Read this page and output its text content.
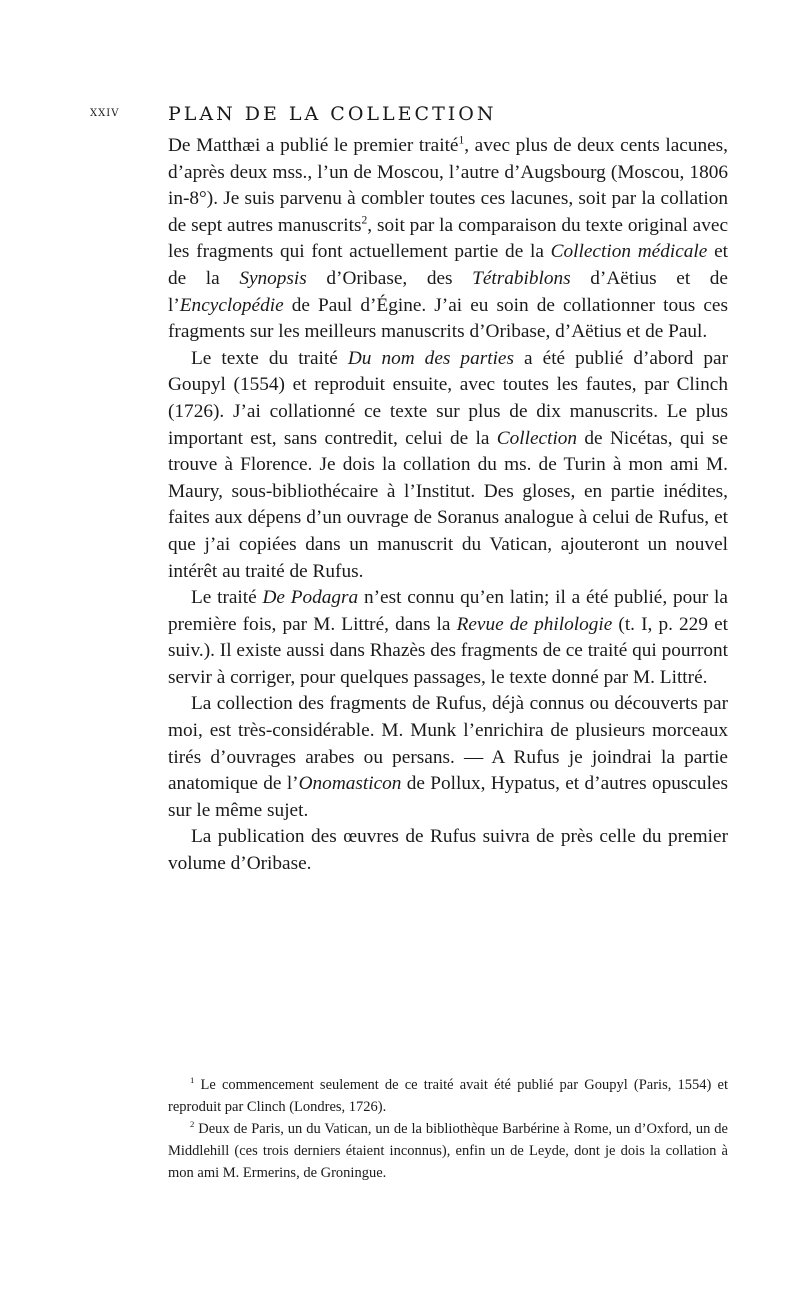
XXIV	PLAN DE LA COLLECTION

De Matthæi a publié le premier traité$^1$, avec plus de deux cents lacunes, d’après deux mss., l’un de Moscou, l’autre d’Augsbourg (Moscou, 1806 in-8°). Je suis parvenu à combler toutes ces lacunes, soit par la collation de sept autres manuscrits$^2$, soit par la comparaison du texte original avec les fragments qui font actuellement partie de la Collection médicale et de la Synopsis d’Oribase, des Tétrabiblons d’Aëtius et de l’Encyclopédie de Paul d’Égine. J’ai eu soin de collationner tous ces fragments sur les meilleurs manuscrits d’Oribase, d’Aëtius et de Paul.

Le texte du traité Du nom des parties a été publié d’abord par Goupyl (1554) et reproduit ensuite, avec toutes les fautes, par Clinch (1726). J’ai collationné ce texte sur plus de dix manuscrits. Le plus important est, sans contredit, celui de la Collection de Nicétas, qui se trouve à Florence. Je dois la collation du ms. de Turin à mon ami M. Maury, sous-bibliothécaire à l’Institut. Des gloses, en partie inédites, faites aux dépens d’un ouvrage de Soranus analogue à celui de Rufus, et que j’ai copiées dans un manuscrit du Vatican, ajouteront un nouvel intérêt au traité de Rufus.

Le traité De Podagra n’est connu qu’en latin; il a été publié, pour la première fois, par M. Littré, dans la Revue de philologie (t. I, p. 229 et suiv.). Il existe aussi dans Rhazès des fragments de ce traité qui pourront servir à corriger, pour quelques passages, le texte donné par M. Littré.

La collection des fragments de Rufus, déjà connus ou découverts par moi, est très-considérable. M. Munk l’enrichira de plusieurs morceaux tirés d’ouvrages arabes ou persans. — A Rufus je joindrai la partie anatomique de l’Onomasticon de Pollux, Hypatus, et d’autres opuscules sur le même sujet.

La publication des œuvres de Rufus suivra de près celle du premier volume d’Oribase.

$^1$ Le commencement seulement de ce traité avait été publié par Goupyl (Paris, 1554) et reproduit par Clinch (Londres, 1726).

$^2$ Deux de Paris, un du Vatican, un de la bibliothèque Barbérine à Rome, un d’Oxford, un de Middlehill (ces trois derniers étaient inconnus), enfin un de Leyde, dont je dois la collation à mon ami M. Ermerins, de Groningue.
